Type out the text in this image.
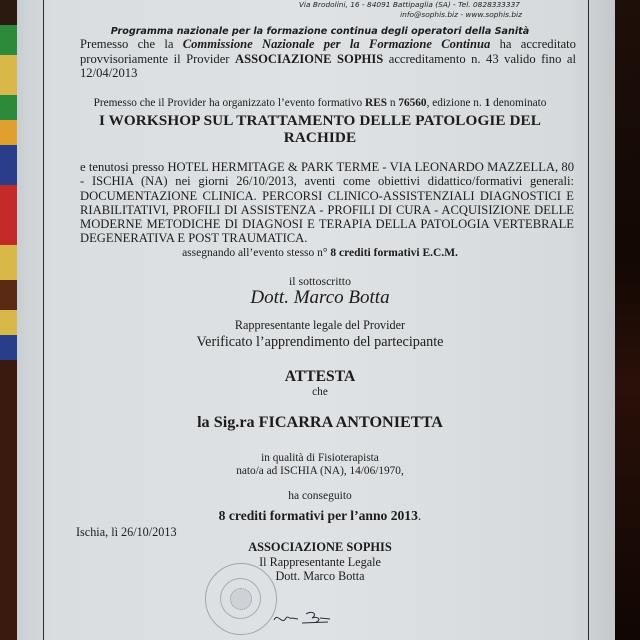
Via Brodolini, 16 - 84091 Battipaglia (SA) - Tel. 0828333337
info@sophis.biz - www.sophis.biz
Programma nazionale per la formazione continua degli operatori della Sanità
Premesso che la Commissione Nazionale per la Formazione Continua ha accreditato provvisoriamente il Provider ASSOCIAZIONE SOPHIS accreditamento n. 43 valido fino al 12/04/2013
Premesso che il Provider ha organizzato l’evento formativo RES n 76560, edizione n. 1 denominato
I WORKSHOP SUL TRATTAMENTO DELLE PATOLOGIE DEL
RACHIDE
e tenutosi presso HOTEL HERMITAGE & PARK TERME - VIA LEONARDO MAZZELLA, 80 - ISCHIA (NA) nei giorni 26/10/2013, aventi come obiettivi didattico/formativi generali: DOCUMENTAZIONE CLINICA. PERCORSI CLINICO-ASSISTENZIALI DIAGNOSTICI E RIABILITATIVI, PROFILI DI ASSISTENZA - PROFILI DI CURA - ACQUISIZIONE DELLE MODERNE METODICHE DI DIAGNOSI E TERAPIA DELLA PATOLOGIA VERTEBRALE DEGENERATIVA E POST TRAUMATICA.
assegnando all’evento stesso n° 8 crediti formativi E.C.M.
il sottoscritto
Dott. Marco Botta
Rappresentante legale del Provider
Verificato l’apprendimento del partecipante
ATTESTA
che
la Sig.ra FICARRA ANTONIETTA
in qualità di Fisioterapista
nato/a ad ISCHIA (NA), 14/06/1970,
ha conseguito
8 crediti formativi per l’anno 2013.
Ischia, lì 26/10/2013
ASSOCIAZIONE SOPHIS
Il Rappresentante Legale
Dott. Marco Botta
